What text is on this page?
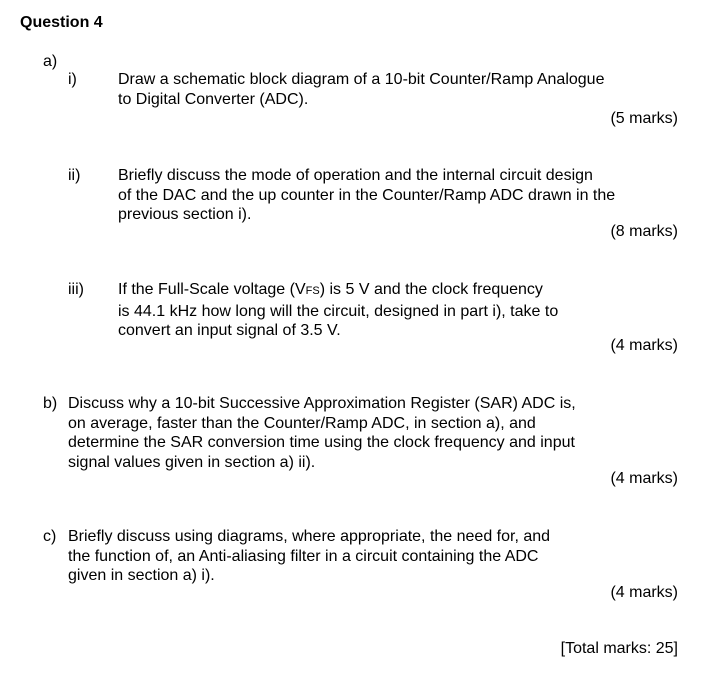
Question 4
a)
i)	Draw a schematic block diagram of a 10-bit Counter/Ramp Analogue
to Digital Converter (ADC).
(5 marks)
ii) Briefly discuss the mode of operation and the internal circuit design
of the DAC and the up counter in the Counter/Ramp ADC drawn in the
previous section i).
(8 marks)
iii) If the Full-Scale voltage (VFS) is 5 V and the clock frequency
is 44.1 kHz how long will the circuit, designed in part i), take to
convert an input signal of 3.5 V.
(4 marks)
b) Discuss why a 10-bit Successive Approximation Register (SAR) ADC is,
on average, faster than the Counter/Ramp ADC, in section a), and
determine the SAR conversion time using the clock frequency and input
signal values given in section a) ii).
(4 marks)
c) Briefly discuss using diagrams, where appropriate, the need for, and
the function of, an Anti-aliasing filter in a circuit containing the ADC
given in section a) i).
(4 marks)
[Total marks: 25]
